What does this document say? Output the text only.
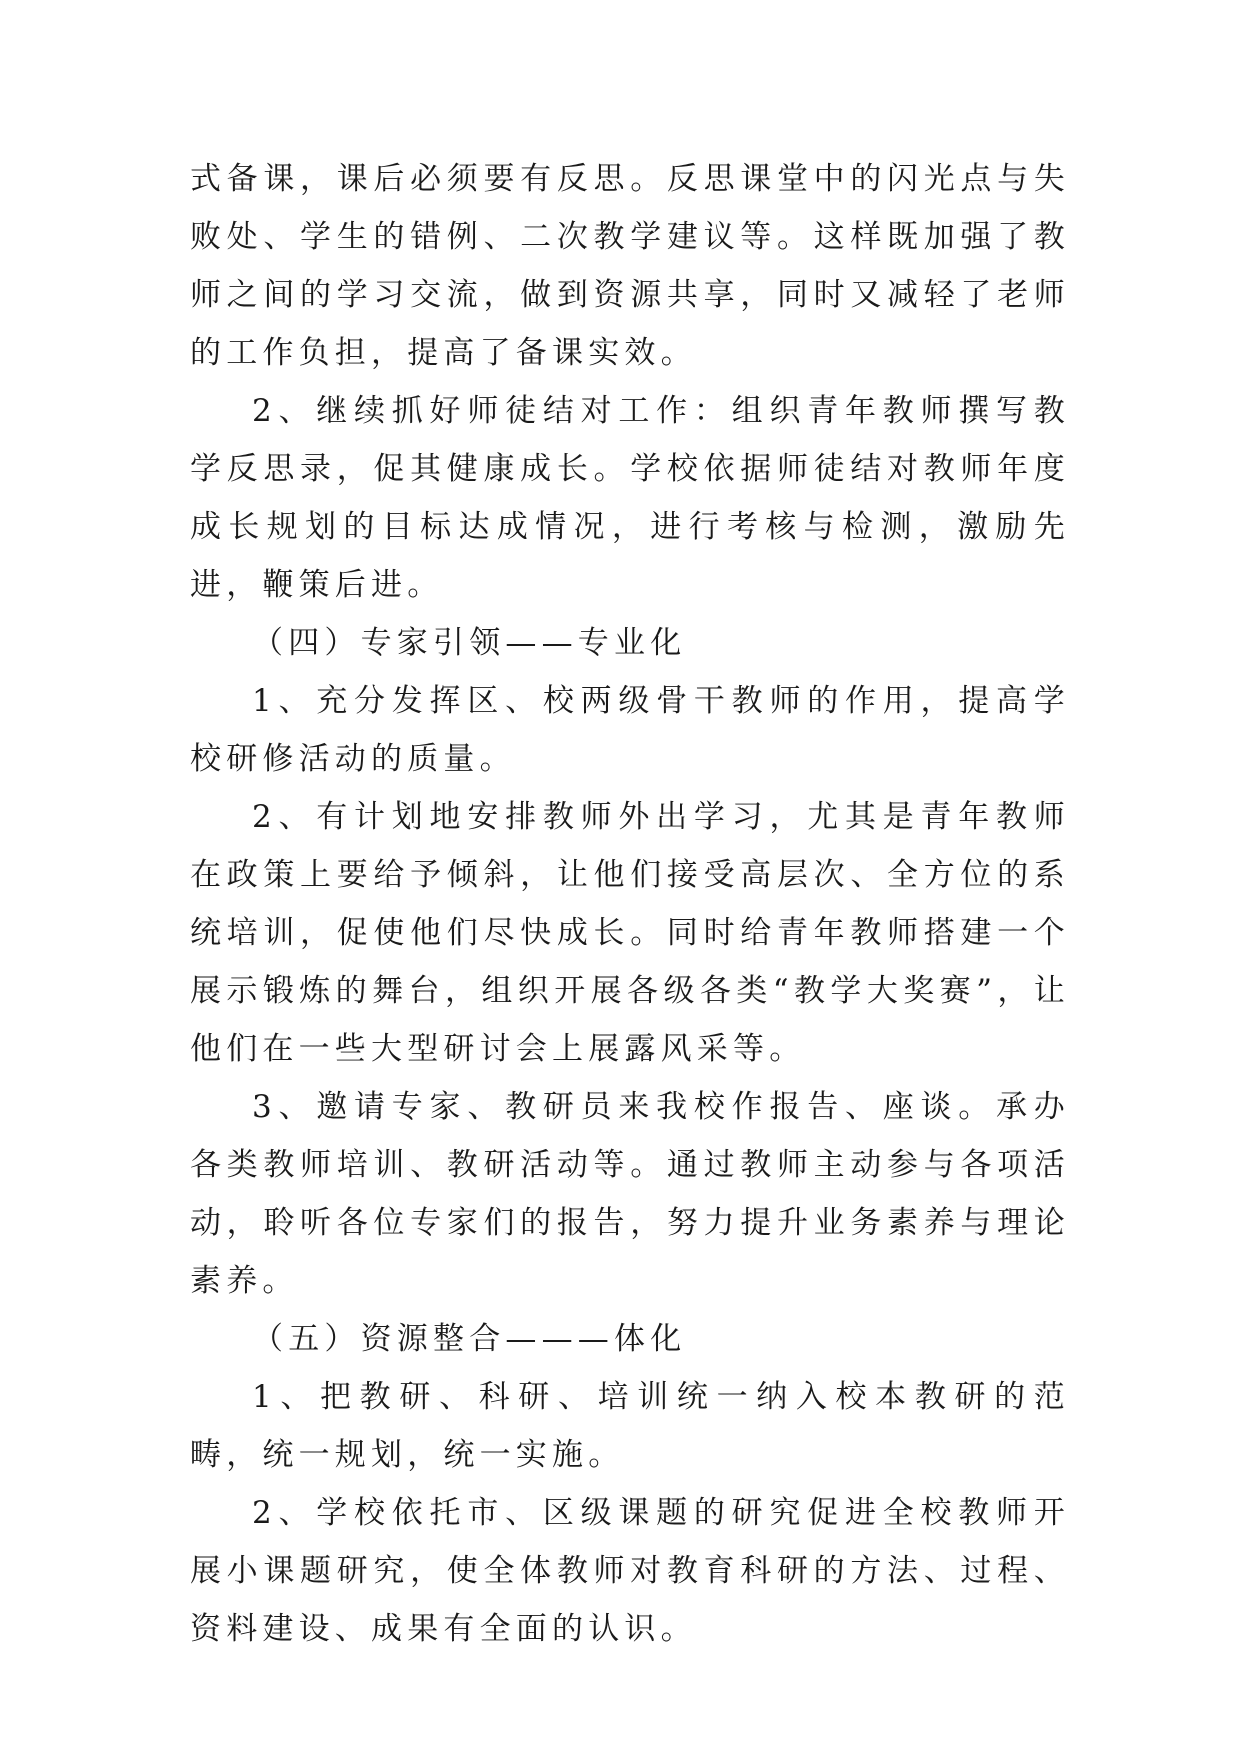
式备课，课后必须要有反思。反思课堂中的闪光点与失败处、学生的错例、二次教学建议等。这样既加强了教师之间的学习交流，做到资源共享，同时又减轻了老师的工作负担，提高了备课实效。

2、继续抓好师徒结对工作：组织青年教师撰写教学反思录，促其健康成长。学校依据师徒结对教师年度成长规划的目标达成情况，进行考核与检测，激励先进，鞭策后进。

（四）专家引领——专业化

1、充分发挥区、校两级骨干教师的作用，提高学校研修活动的质量。

2、有计划地安排教师外出学习，尤其是青年教师在政策上要给予倾斜，让他们接受高层次、全方位的系统培训，促使他们尽快成长。同时给青年教师搭建一个展示锻炼的舞台，组织开展各级各类“教学大奖赛”，让他们在一些大型研讨会上展露风采等。

3、邀请专家、教研员来我校作报告、座谈。承办各类教师培训、教研活动等。通过教师主动参与各项活动，聆听各位专家们的报告，努力提升业务素养与理论素养。

（五）资源整合———体化

1、把教研、科研、培训统一纳入校本教研的范畴，统一规划，统一实施。

2、学校依托市、区级课题的研究促进全校教师开展小课题研究，使全体教师对教育科研的方法、过程、资料建设、成果有全面的认识。
